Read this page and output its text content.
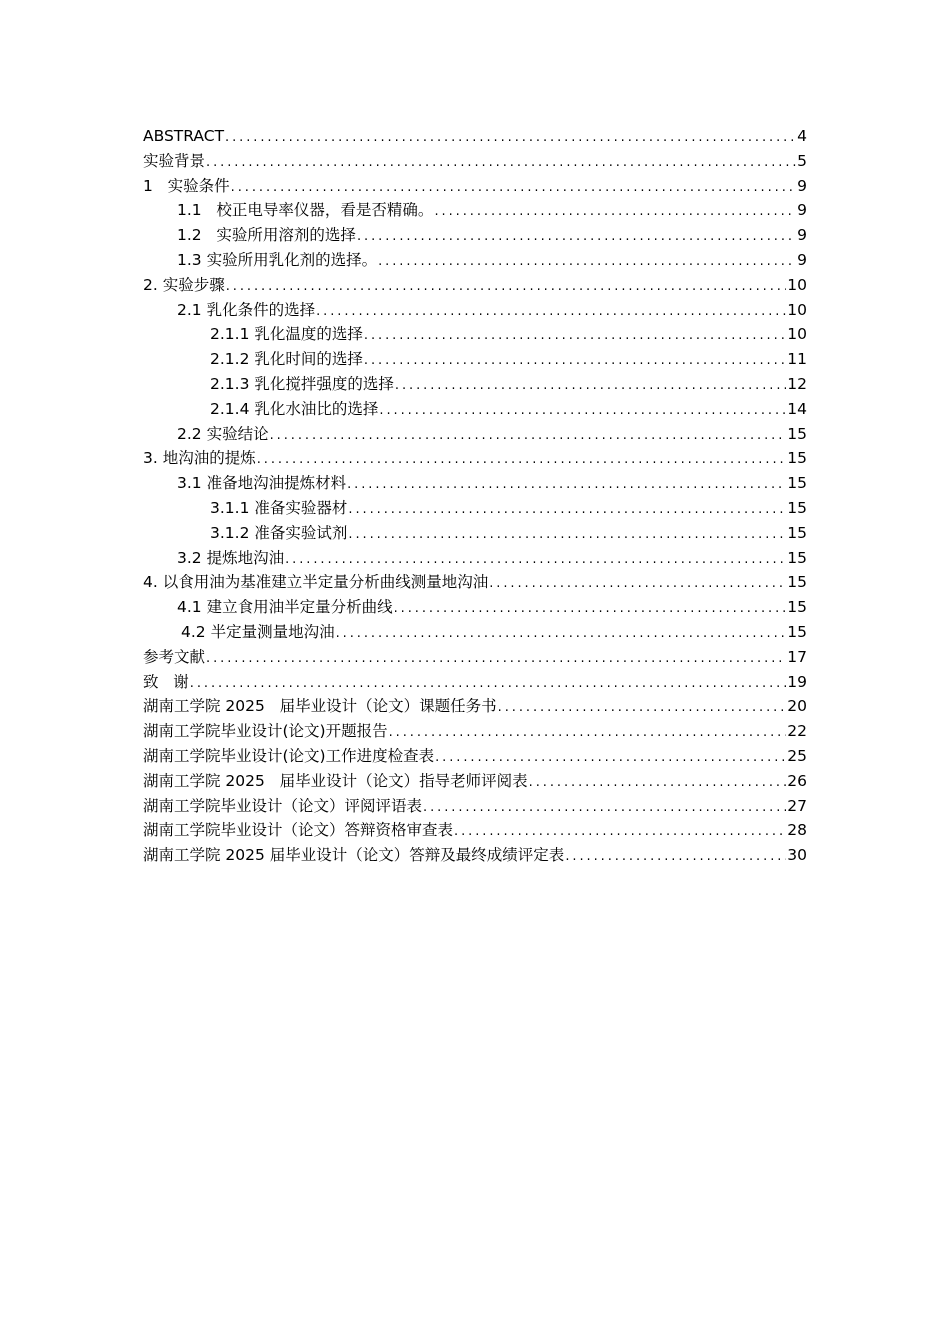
ABSTRACT . . .	4
实验背景 . . .	5
1   实验条件 . . .	9
1.1   校正电导率仪器，看是否精确。 . . .	9
1.2   实验所用溶剂的选择 . . .	9
1.3 实验所用乳化剂的选择。 . . .	9
2. 实验步骤 . . .	10
2.1 乳化条件的选择 . . .	10
2.1.1 乳化温度的选择 . . .	10
2.1.2 乳化时间的选择 . . .	11
2.1.3 乳化搅拌强度的选择 . . .	12
2.1.4 乳化水油比的选择 . . .	14
2.2 实验结论 . . .	15
3. 地沟油的提炼 . . .	15
3.1 准备地沟油提炼材料 . . .	15
3.1.1 准备实验器材 . . .	15
3.1.2 准备实验试剂 . . .	15
3.2 提炼地沟油 . . .	15
4. 以食用油为基准建立半定量分析曲线测量地沟油 . . .	15
4.1 建立食用油半定量分析曲线 . . .	15
4.2 半定量测量地沟油 . . .	15
参考文献 . . .	17
致   谢 . . .	19
湖南工学院 2025   届毕业设计（论文）课题任务书 . . .	20
湖南工学院毕业设计(论文)开题报告 . . .	22
湖南工学院毕业设计(论文)工作进度检查表 . . .	25
湖南工学院 2025   届毕业设计（论文）指导老师评阅表 . . .	26
湖南工学院毕业设计（论文）评阅评语表 . . .	27
湖南工学院毕业设计（论文）答辩资格审查表 . . .	28
湖南工学院 2025 届毕业设计（论文）答辩及最终成绩评定表 . . .	30
